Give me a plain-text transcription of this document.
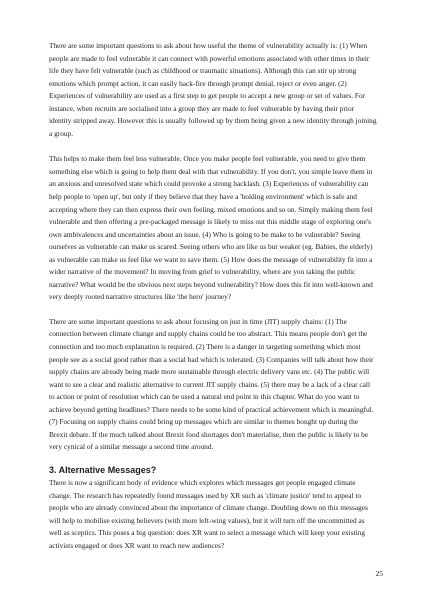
There are some important questions to ask about how useful the theme of vulnerability actually is: (1) When people are made to feel vulnerable it can connect with powerful emotions associated with other times in their life they have felt vulnerable (such as childhood or traumatic situations). Although this can stir up strong emotions which prompt action, it can easily back-fire through prompt denial, reject or even anger. (2) Experiences of vulnerability are used as a first step to get people to accept a new group or set of values. For instance, when recruits are socialised into a group they are made to feel vulnerable by having their prior identity stripped away. However this is usually followed up by them being given a new identity through joining a group.

This helps to make them feel less vulnerable. Once you make people feel vulnerable, you need to give them something else which is going to help them deal with that vulnerability. If you don't, you simple leave them in an anxious and unresolved state which could provoke a strong backlash. (3) Experiences of vulnerability can help people to 'open up', but only if they believe that they have a 'holding environment' which is safe and accepting where they can then express their own feeling, mixed emotions and so on. Simply making them feel vulnerable and then offering a pre-packaged message is likely to miss out this middle stage of exploring one's own ambivalences and uncertainties about an issue. (4) Who is going to be make to be vulnerable? Seeing ourselves as vulnerable can make us scared. Seeing others who are like us but weaker (eg. Babies, the elderly) as vulnerable can make us feel like we want to save them. (5) How does the message of vulnerability fit into a wider narrative of the movement? In moving from grief to vulnerability, where are you taking the public narrative? What would be the obvious next steps beyond vulnerability? How does this fit into well-known and very deeply rooted narrative structures like 'the hero' journey?

There are some important questions to ask about focusing on just in time (JIT) supply chains: (1) The connection between climate change and supply chains could be too abstract. This means people don't get the connection and too much explanation is required. (2) There is a danger in targeting something which most people see as a social good rather than a social bad which is tolerated. (3) Companies will talk about how their supply chains are already being made more sustainable through electric delivery vans etc. (4) The public will want to see a clear and realistic alternative to current JIT supply chains. (5) there may be a lack of a clear call to action or point of resolution which can be used a natural end point in this chapter. What do you want to achieve beyond getting headlines? There needs to be some kind of practical achievement which is meaningful. (7) Focusing on supply chains could bring up messages which are similar to themes bought up during the Brexit debate. If the much talked about Brexit food shortages don't materialise, then the public is likely to be very cynical of a similar message a second time around.

3. Alternative Messages?

There is now a significant body of evidence which explores which messages get people engaged climate change. The research has repeatedly found messages used by XR such as 'climate justice' tend to appeal to people who are already convinced about the importance of climate change. Doubling down on this messages will help to mobilise existing believers (with more left-wing values), but it will turn off the uncommitted as well as sceptics. This poses a big question: does XR want to select a message which will keep your existing activists engaged or does XR want to reach new audiences?

25
